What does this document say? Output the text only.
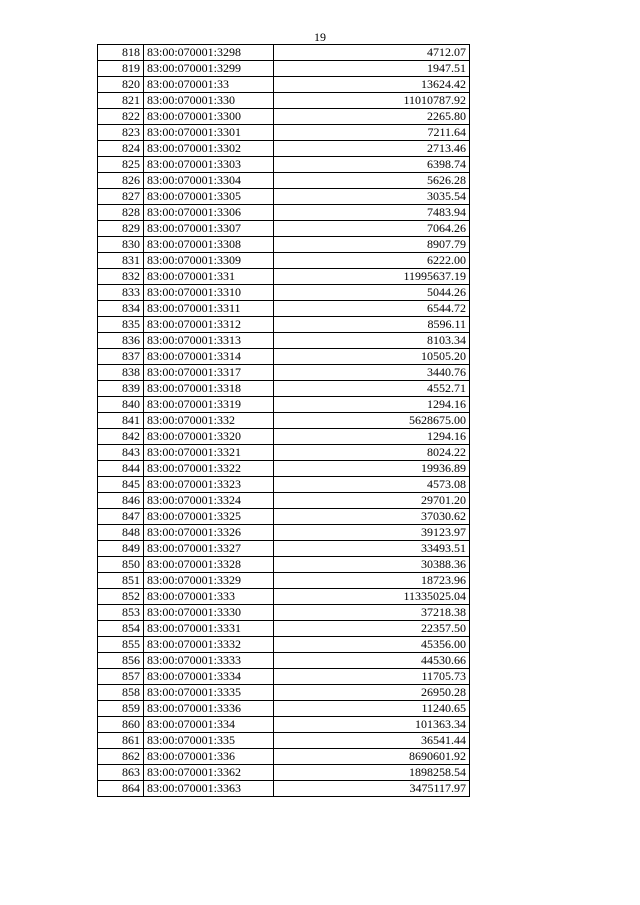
19
818	83:00:070001:3298	4712.07
819	83:00:070001:3299	1947.51
820	83:00:070001:33	13624.42
821	83:00:070001:330	11010787.92
822	83:00:070001:3300	2265.80
823	83:00:070001:3301	7211.64
824	83:00:070001:3302	2713.46
825	83:00:070001:3303	6398.74
826	83:00:070001:3304	5626.28
827	83:00:070001:3305	3035.54
828	83:00:070001:3306	7483.94
829	83:00:070001:3307	7064.26
830	83:00:070001:3308	8907.79
831	83:00:070001:3309	6222.00
832	83:00:070001:331	11995637.19
833	83:00:070001:3310	5044.26
834	83:00:070001:3311	6544.72
835	83:00:070001:3312	8596.11
836	83:00:070001:3313	8103.34
837	83:00:070001:3314	10505.20
838	83:00:070001:3317	3440.76
839	83:00:070001:3318	4552.71
840	83:00:070001:3319	1294.16
841	83:00:070001:332	5628675.00
842	83:00:070001:3320	1294.16
843	83:00:070001:3321	8024.22
844	83:00:070001:3322	19936.89
845	83:00:070001:3323	4573.08
846	83:00:070001:3324	29701.20
847	83:00:070001:3325	37030.62
848	83:00:070001:3326	39123.97
849	83:00:070001:3327	33493.51
850	83:00:070001:3328	30388.36
851	83:00:070001:3329	18723.96
852	83:00:070001:333	11335025.04
853	83:00:070001:3330	37218.38
854	83:00:070001:3331	22357.50
855	83:00:070001:3332	45356.00
856	83:00:070001:3333	44530.66
857	83:00:070001:3334	11705.73
858	83:00:070001:3335	26950.28
859	83:00:070001:3336	11240.65
860	83:00:070001:334	101363.34
861	83:00:070001:335	36541.44
862	83:00:070001:336	8690601.92
863	83:00:070001:3362	1898258.54
864	83:00:070001:3363	3475117.97
